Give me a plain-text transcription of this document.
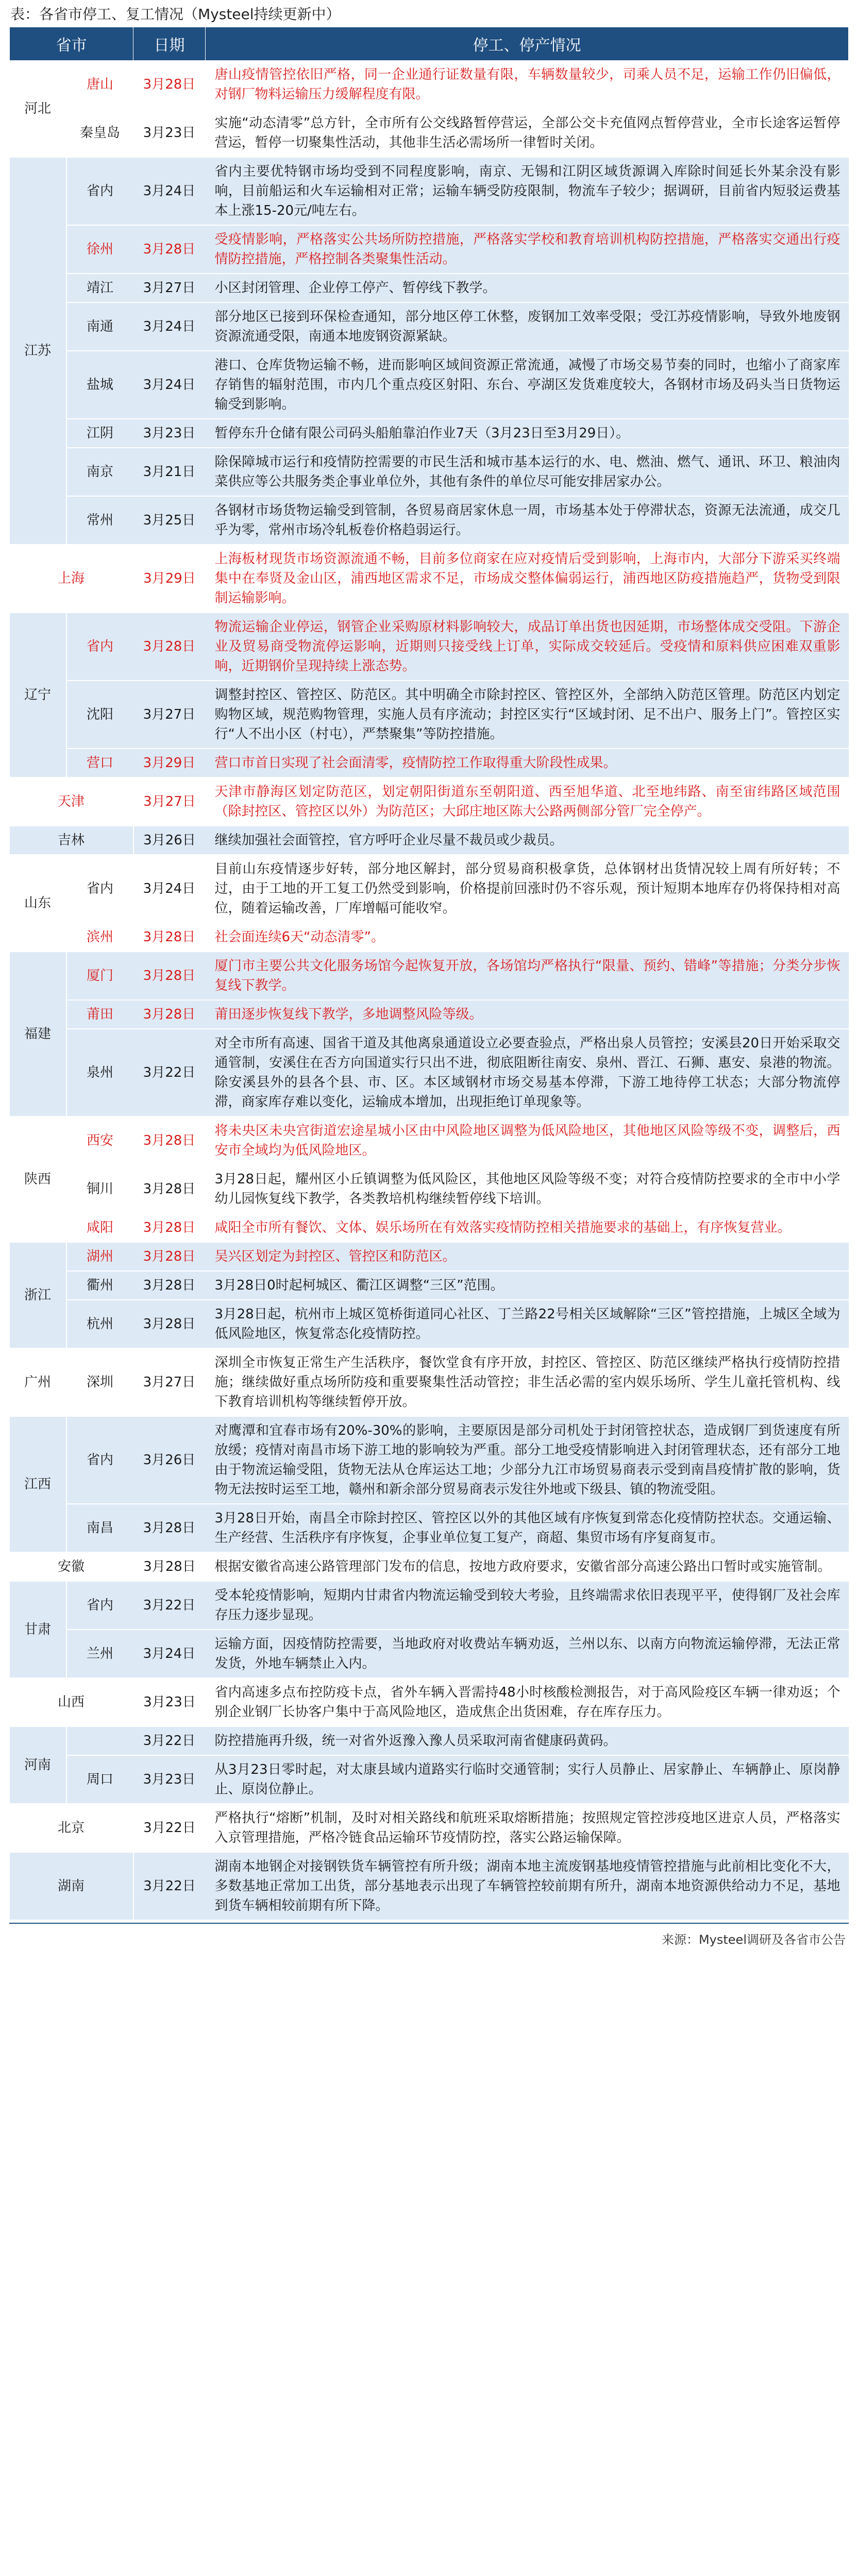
表：各省市停工、复工情况（Mysteel持续更新中）
省市		日期	停工、停产情况
河北	唐山	3月28日	唐山疫情管控依旧严格，同一企业通行证数量有限，车辆数量较少，司乘人员不足，运输工作仍旧偏低，对钢厂物料运输压力缓解程度有限。
	秦皇岛	3月23日	实施“动态清零”总方针，全市所有公交线路暂停营运，全部公交卡充值网点暂停营业，全市长途客运暂停营运，暂停一切聚集性活动，其他非生活必需场所一律暂时关闭。
江苏	省内	3月24日	省内主要优特钢市场均受到不同程度影响，南京、无锡和江阴区域货源调入库除时间延长外某余没有影响，目前船运和火车运输相对正常；运输车辆受防疫限制，物流车子较少；据调研，目前省内短驳运费基本上涨15-20元/吨左右。
	徐州	3月28日	受疫情影响，严格落实公共场所防控措施，严格落实学校和教育培训机构防控措施，严格落实交通出行疫情防控措施，严格控制各类聚集性活动。
	靖江	3月27日	小区封闭管理、企业停工停产、暂停线下教学。
	南通	3月24日	部分地区已接到环保检查通知，部分地区停工休整，废钢加工效率受限；受江苏疫情影响，导致外地废钢资源流通受限，南通本地废钢资源紧缺。
	盐城	3月24日	港口、仓库货物运输不畅，进而影响区域间资源正常流通，减慢了市场交易节奏的同时，也缩小了商家库存销售的辐射范围，市内几个重点疫区射阳、东台、亭湖区发货难度较大，各钢材市场及码头当日货物运输受到影响。
	江阴	3月23日	暂停东升仓储有限公司码头船舶靠泊作业7天（3月23日至3月29日）。
	南京	3月21日	除保障城市运行和疫情防控需要的市民生活和城市基本运行的水、电、燃油、燃气、通讯、环卫、粮油肉菜供应等公共服务类企事业单位外，其他有条件的单位尽可能安排居家办公。
	常州	3月25日	各钢材市场货物运输受到管制，各贸易商居家休息一周，市场基本处于停滞状态，资源无法流通，成交几乎为零，常州市场冷轧板卷价格趋弱运行。
上海		3月29日	上海板材现货市场资源流通不畅，目前多位商家在应对疫情后受到影响，上海市内，大部分下游采买终端集中在奉贤及金山区，浦西地区需求不足，市场成交整体偏弱运行，浦西地区防疫措施趋严，货物受到限制运输影响。
辽宁	省内	3月28日	物流运输企业停运，钢管企业采购原材料影响较大，成品订单出货也因延期，市场整体成交受阻。下游企业及贸易商受物流停运影响，近期则只接受线上订单，实际成交较延后。受疫情和原料供应困难双重影响，近期钢价呈现持续上涨态势。
	沈阳	3月27日	调整封控区、管控区、防范区。其中明确全市除封控区、管控区外，全部纳入防范区管理。防范区内划定购物区域，规范购物管理，实施人员有序流动；封控区实行“区域封闭、足不出户、服务上门”。管控区实行“人不出小区（村屯），严禁聚集”等防控措施。
	营口	3月29日	营口市首日实现了社会面清零，疫情防控工作取得重大阶段性成果。
天津		3月27日	天津市静海区划定防范区，划定朝阳街道东至朝阳道、西至旭华道、北至地纬路、南至宙纬路区域范围（除封控区、管控区以外）为防范区；大邱庄地区陈大公路两侧部分管厂完全停产。
吉林		3月26日	继续加强社会面管控，官方呼吁企业尽量不裁员或少裁员。
山东	省内	3月24日	目前山东疫情逐步好转，部分地区解封，部分贸易商积极拿货，总体钢材出货情况较上周有所好转；不过，由于工地的开工复工仍然受到影响，价格提前回涨时仍不容乐观，预计短期本地库存仍将保持相对高位，随着运输改善，厂库增幅可能收窄。
	滨州	3月28日	社会面连续6天“动态清零”。
福建	厦门	3月28日	厦门市主要公共文化服务场馆今起恢复开放，各场馆均严格执行“限量、预约、错峰”等措施；分类分步恢复线下教学。
	莆田	3月28日	莆田逐步恢复线下教学，多地调整风险等级。
	泉州	3月22日	对全市所有高速、国省干道及其他离泉通道设立必要查验点，严格出泉人员管控；安溪县20日开始采取交通管制，安溪住在否方向国道实行只出不进，彻底阻断往南安、泉州、晋江、石狮、惠安、泉港的物流。除安溪县外的县各个县、市、区。本区域钢材市场交易基本停滞，下游工地待停工状态；大部分物流停滞，商家库存难以变化，运输成本增加，出现拒绝订单现象等。
陕西	西安	3月28日	将未央区未央宫街道宏途星城小区由中风险地区调整为低风险地区，其他地区风险等级不变，调整后，西安市全域均为低风险地区。
	铜川	3月28日	3月28日起，耀州区小丘镇调整为低风险区，其他地区风险等级不变；对符合疫情防控要求的全市中小学幼儿园恢复线下教学，各类教培机构继续暂停线下培训。
	咸阳	3月28日	咸阳全市所有餐饮、文体、娱乐场所在有效落实疫情防控相关措施要求的基础上，有序恢复营业。
浙江	湖州	3月28日	吴兴区划定为封控区、管控区和防范区。
	衢州	3月28日	3月28日0时起柯城区、衢江区调整“三区”范围。
	杭州	3月28日	3月28日起，杭州市上城区笕桥街道同心社区、丁兰路22号相关区域解除“三区”管控措施，上城区全域为低风险地区，恢复常态化疫情防控。
广州	深圳	3月27日	深圳全市恢复正常生产生活秩序，餐饮堂食有序开放，封控区、管控区、防范区继续严格执行疫情防控措施；继续做好重点场所防疫和重要聚集性活动管控；非生活必需的室内娱乐场所、学生儿童托管机构、线下教育培训机构等继续暂停开放。
江西	省内	3月26日	对鹰潭和宜春市场有20%-30%的影响，主要原因是部分司机处于封闭管控状态，造成钢厂到货速度有所放缓；疫情对南昌市场下游工地的影响较为严重。部分工地受疫情影响进入封闭管理状态，还有部分工地由于物流运输受阻，货物无法从仓库运达工地；少部分九江市场贸易商表示受到南昌疫情扩散的影响，货物无法按时运至工地，赣州和新余部分贸易商表示发往外地或下级县、镇的物流受阻。
	南昌	3月28日	3月28日开始，南昌全市除封控区、管控区以外的其他区域有序恢复到常态化疫情防控状态。交通运输、生产经营、生活秩序有序恢复，企事业单位复工复产，商超、集贸市场有序复商复市。
安徽		3月28日	根据安徽省高速公路管理部门发布的信息，按地方政府要求，安徽省部分高速公路出口暂时或实施管制。
甘肃	省内	3月22日	受本轮疫情影响，短期内甘肃省内物流运输受到较大考验，且终端需求依旧表现平平，使得钢厂及社会库存压力逐步显现。
	兰州	3月24日	运输方面，因疫情防控需要，当地政府对收费站车辆劝返，兰州以东、以南方向物流运输停滞，无法正常发货，外地车辆禁止入内。
山西		3月23日	省内高速多点布控防疫卡点，省外车辆入晋需持48小时核酸检测报告，对于高风险疫区车辆一律劝返；个别企业钢厂长协客户集中于高风险地区，造成焦企出货困难，存在库存压力。
河南		3月22日	防控措施再升级，统一对省外返豫入豫人员采取河南省健康码黄码。
	周口	3月23日	从3月23日零时起，对太康县域内道路实行临时交通管制；实行人员静止、居家静止、车辆静止、原岗静止、原岗位静止。
北京		3月22日	严格执行“熔断”机制，及时对相关路线和航班采取熔断措施；按照规定管控涉疫地区进京人员，严格落实入京管理措施，严格冷链食品运输环节疫情防控，落实公路运输保障。
湖南		3月22日	湖南本地钢企对接钢铁货车辆管控有所升级；湖南本地主流废钢基地疫情管控措施与此前相比变化不大，多数基地正常加工出货，部分基地表示出现了车辆管控较前期有所升，湖南本地资源供给动力不足，基地到货车辆相较前期有所下降。
来源：Mysteel调研及各省市公告
